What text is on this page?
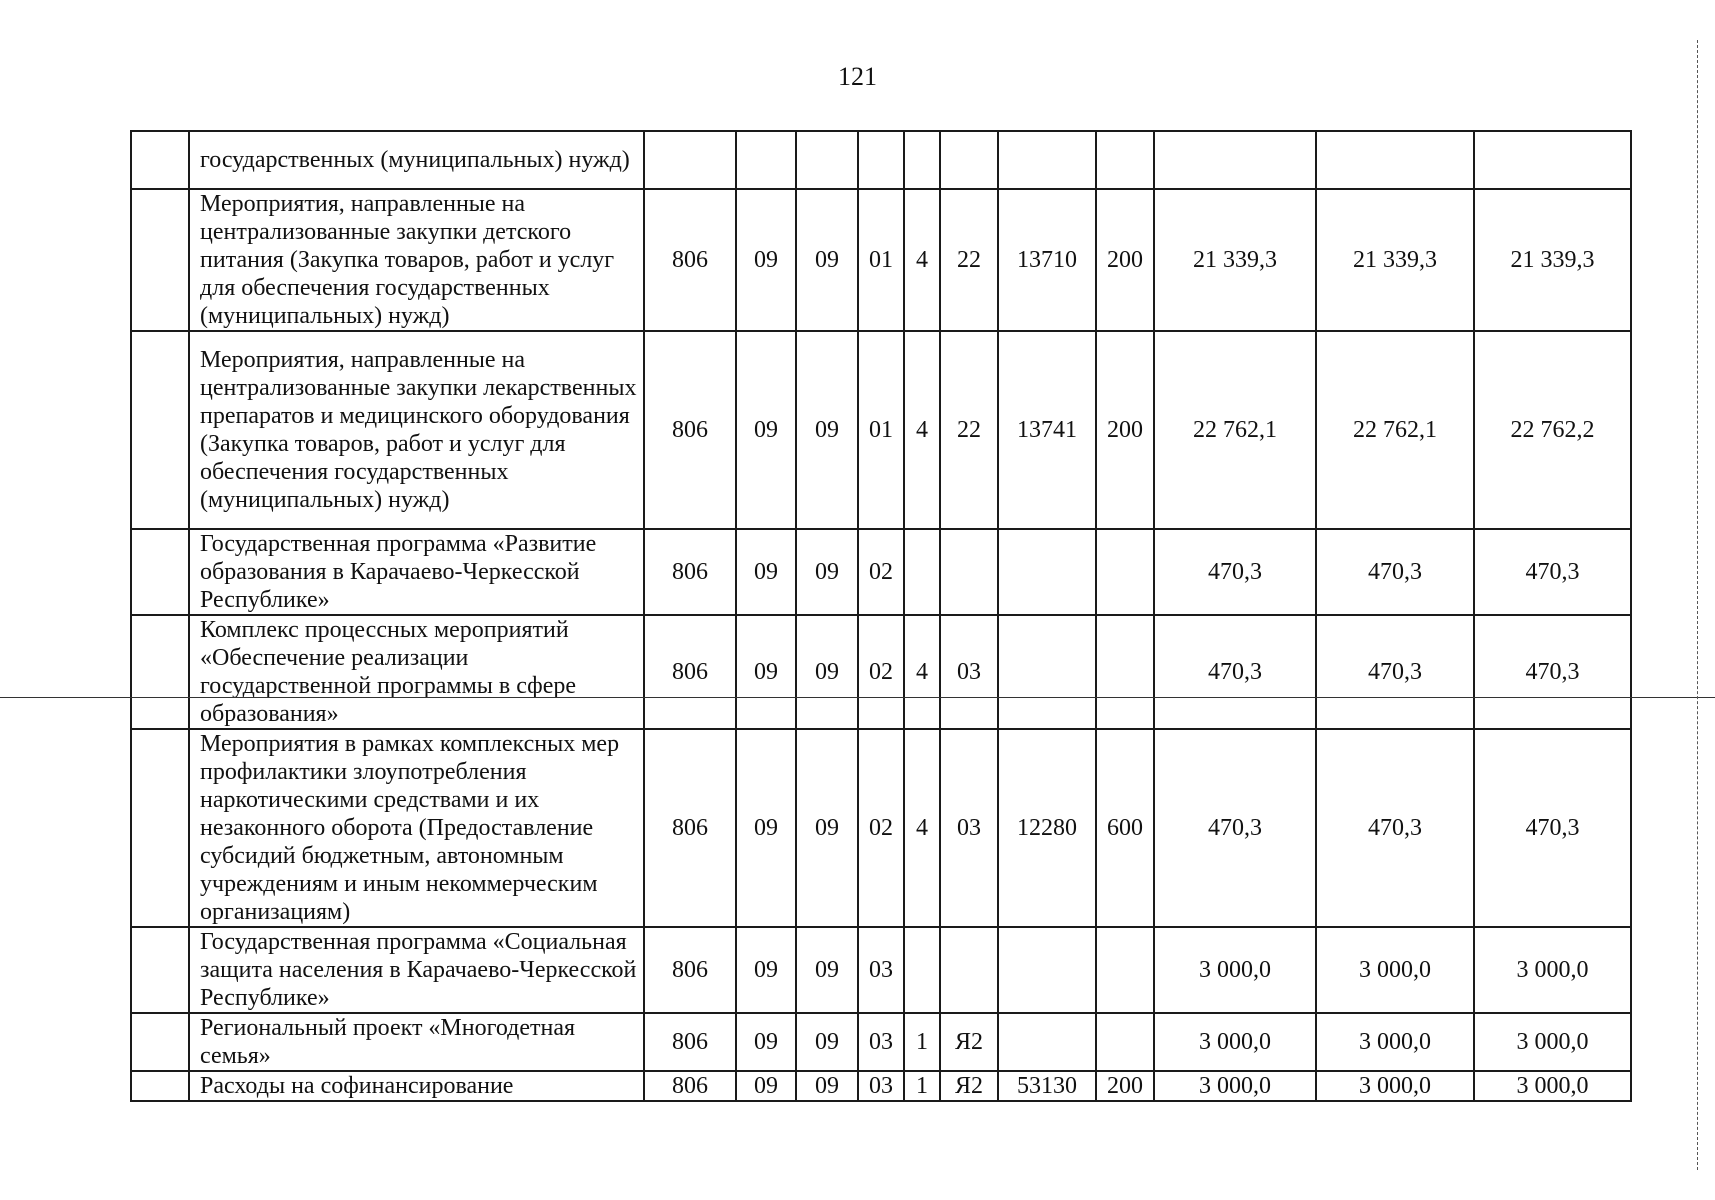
121
	государственных (муниципальных) нужд)											
	Мероприятия, направленные на централизованные закупки детского питания (Закупка товаров, работ и услуг для обеспечения государственных (муниципальных) нужд)	806	09	09	01	4	22	13710	200	21 339,3	21 339,3	21 339,3
	Мероприятия, направленные на централизованные закупки лекарственных препаратов и медицинского оборудования (Закупка товаров, работ и услуг для обеспечения государственных (муниципальных) нужд)	806	09	09	01	4	22	13741	200	22 762,1	22 762,1	22 762,2
	Государственная программа «Развитие образования в Карачаево-Черкесской Республике»	806	09	09	02					470,3	470,3	470,3
	Комплекс процессных мероприятий «Обеспечение реализации государственной программы в сфере образования»	806	09	09	02	4	03			470,3	470,3	470,3
	Мероприятия в рамках комплексных мер профилактики злоупотребления наркотическими средствами и их незаконного оборота (Предоставление субсидий бюджетным, автономным учреждениям и иным некоммерческим организациям)	806	09	09	02	4	03	12280	600	470,3	470,3	470,3
	Государственная программа «Социальная защита населения в Карачаево-Черкесской Республике»	806	09	09	03					3 000,0	3 000,0	3 000,0
	Региональный проект «Многодетная семья»	806	09	09	03	1	Я2			3 000,0	3 000,0	3 000,0
	Расходы на софинансирование	806	09	09	03	1	Я2	53130	200	3 000,0	3 000,0	3 000,0
